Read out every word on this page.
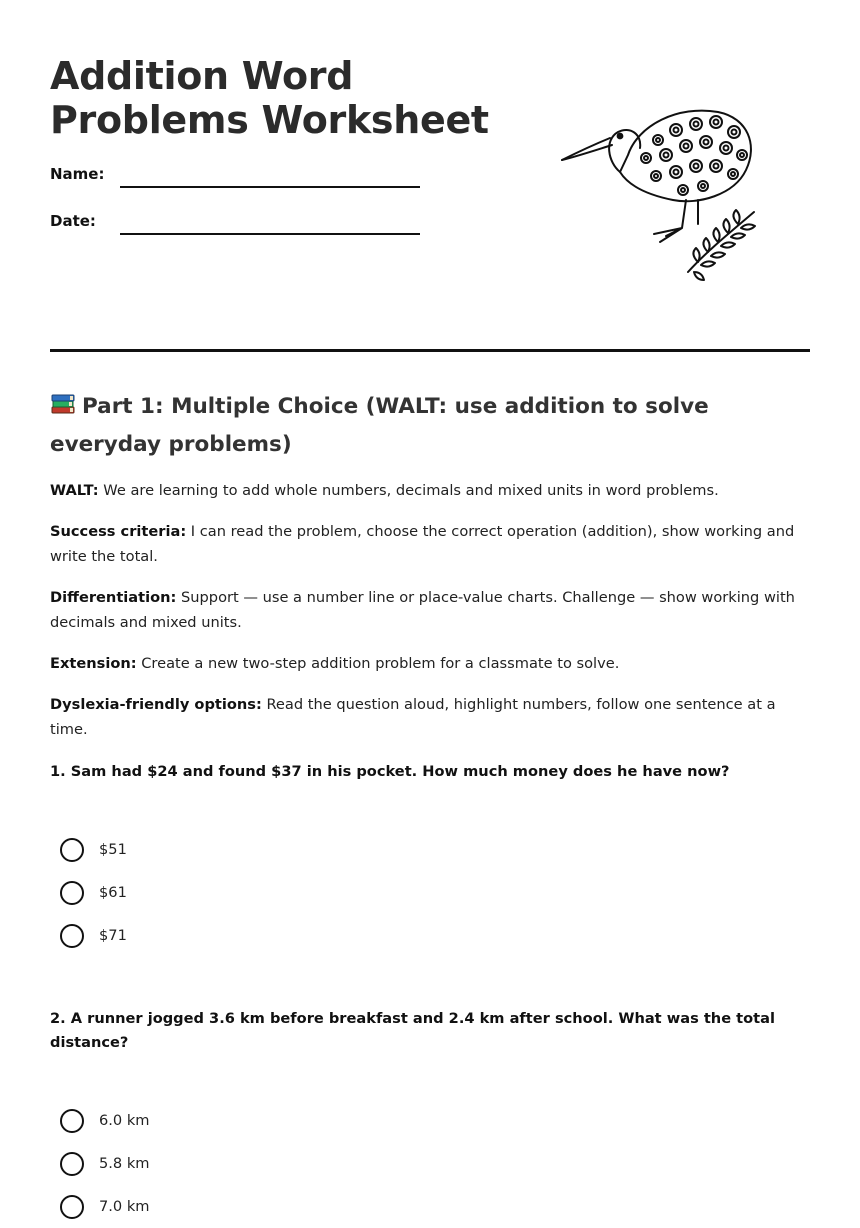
Addition Word Problems Worksheet
Name:
Date:
Part 1: Multiple Choice (WALT: use addition to solve everyday problems)

WALT: We are learning to add whole numbers, decimals and mixed units in word problems.

Success criteria: I can read the problem, choose the correct operation (addition), show working and write the total.

Differentiation: Support — use a number line or place-value charts. Challenge — show working with decimals and mixed units.

Extension: Create a new two-step addition problem for a classmate to solve.

Dyslexia-friendly options: Read the question aloud, highlight numbers, follow one sentence at a time.

1. Sam had $24 and found $37 in his pocket. How much money does he have now?

$51
$61
$71

2. A runner jogged 3.6 km before breakfast and 2.4 km after school. What was the total distance?

6.0 km
5.8 km
7.0 km
